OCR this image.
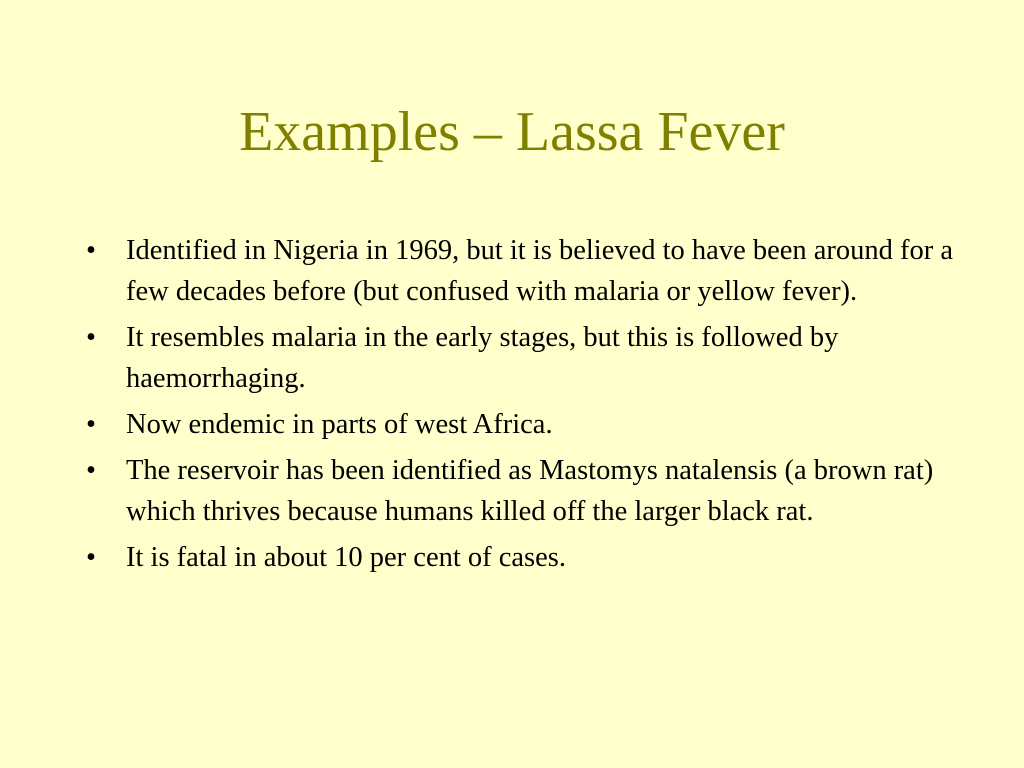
Examples – Lassa Fever
• Identified in Nigeria in 1969, but it is believed to have been around for a few decades before (but confused with malaria or yellow fever).
• It resembles malaria in the early stages, but this is followed by haemorrhaging.
• Now endemic in parts of west Africa.
• The reservoir has been identified as Mastomys natalensis (a brown rat) which thrives because humans killed off the larger black rat.
• It is fatal in about 10 per cent of cases.
